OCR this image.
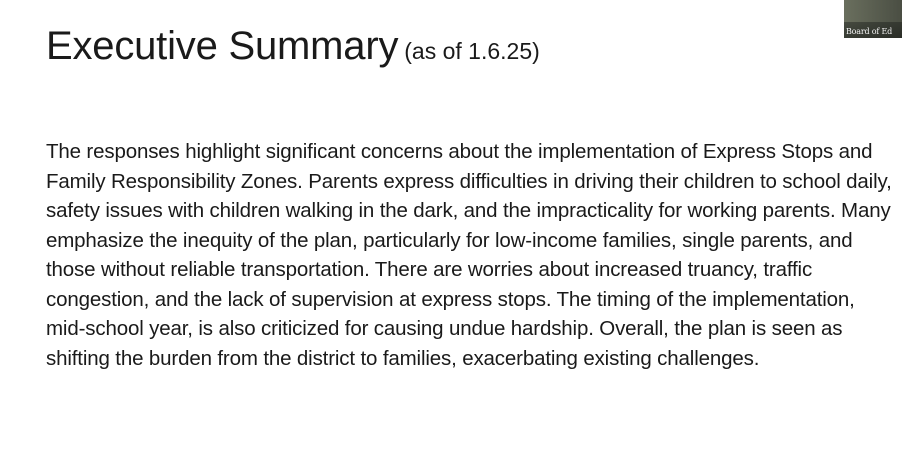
Executive Summary (as of 1.6.25)

The responses highlight significant concerns about the implementation of Express Stops and Family Responsibility Zones. Parents express difficulties in driving their children to school daily, safety issues with children walking in the dark, and the impracticality for working parents. Many emphasize the inequity of the plan, particularly for low-income families, single parents, and those without reliable transportation. There are worries about increased truancy, traffic congestion, and the lack of supervision at express stops. The timing of the implementation, mid-school year, is also criticized for causing undue hardship. Overall, the plan is seen as shifting the burden from the district to families, exacerbating existing challenges.

Board of Ed
